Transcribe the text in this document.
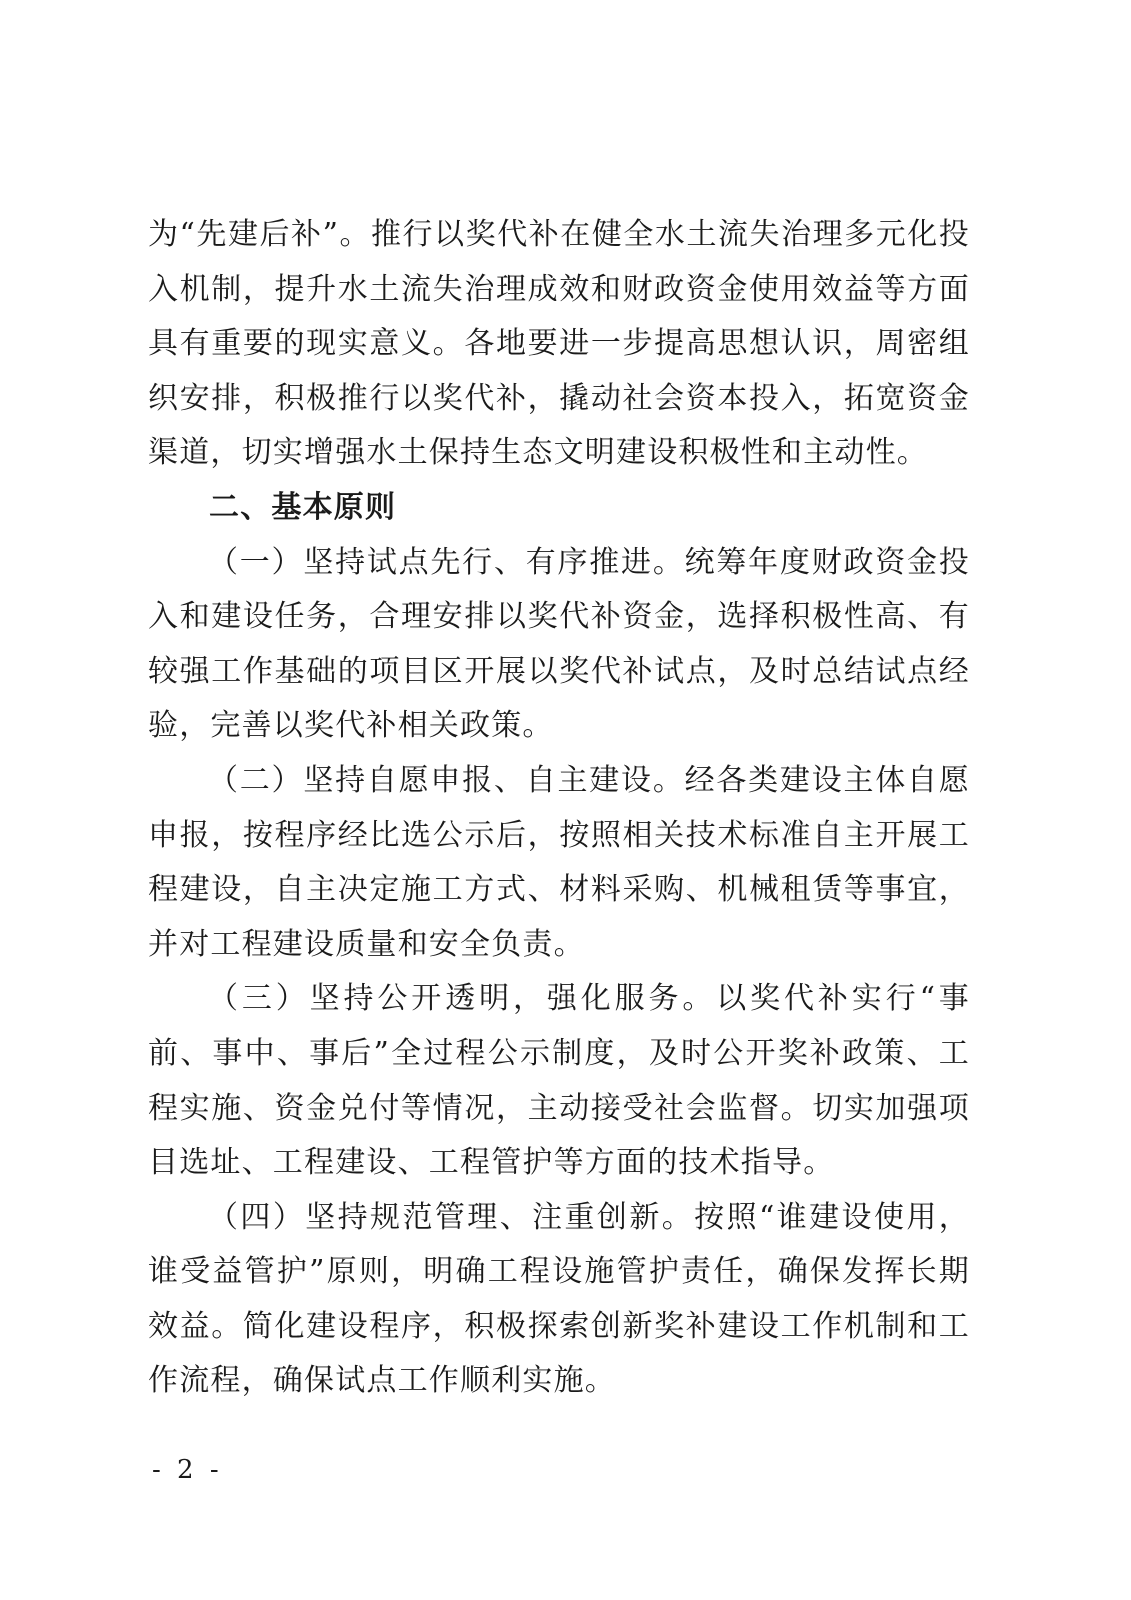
为“先建后补”。推行以奖代补在健全水土流失治理多元化投入机制，提升水土流失治理成效和财政资金使用效益等方面具有重要的现实意义。各地要进一步提高思想认识，周密组织安排，积极推行以奖代补，撬动社会资本投入，拓宽资金渠道，切实增强水土保持生态文明建设积极性和主动性。

二、基本原则

（一）坚持试点先行、有序推进。统筹年度财政资金投入和建设任务，合理安排以奖代补资金，选择积极性高、有较强工作基础的项目区开展以奖代补试点，及时总结试点经验，完善以奖代补相关政策。

（二）坚持自愿申报、自主建设。经各类建设主体自愿申报，按程序经比选公示后，按照相关技术标准自主开展工程建设，自主决定施工方式、材料采购、机械租赁等事宜，并对工程建设质量和安全负责。

（三）坚持公开透明，强化服务。以奖代补实行“事前、事中、事后”全过程公示制度，及时公开奖补政策、工程实施、资金兑付等情况，主动接受社会监督。切实加强项目选址、工程建设、工程管护等方面的技术指导。

（四）坚持规范管理、注重创新。按照“谁建设使用，谁受益管护”原则，明确工程设施管护责任，确保发挥长期效益。简化建设程序，积极探索创新奖补建设工作机制和工作流程，确保试点工作顺利实施。

- 2 -
